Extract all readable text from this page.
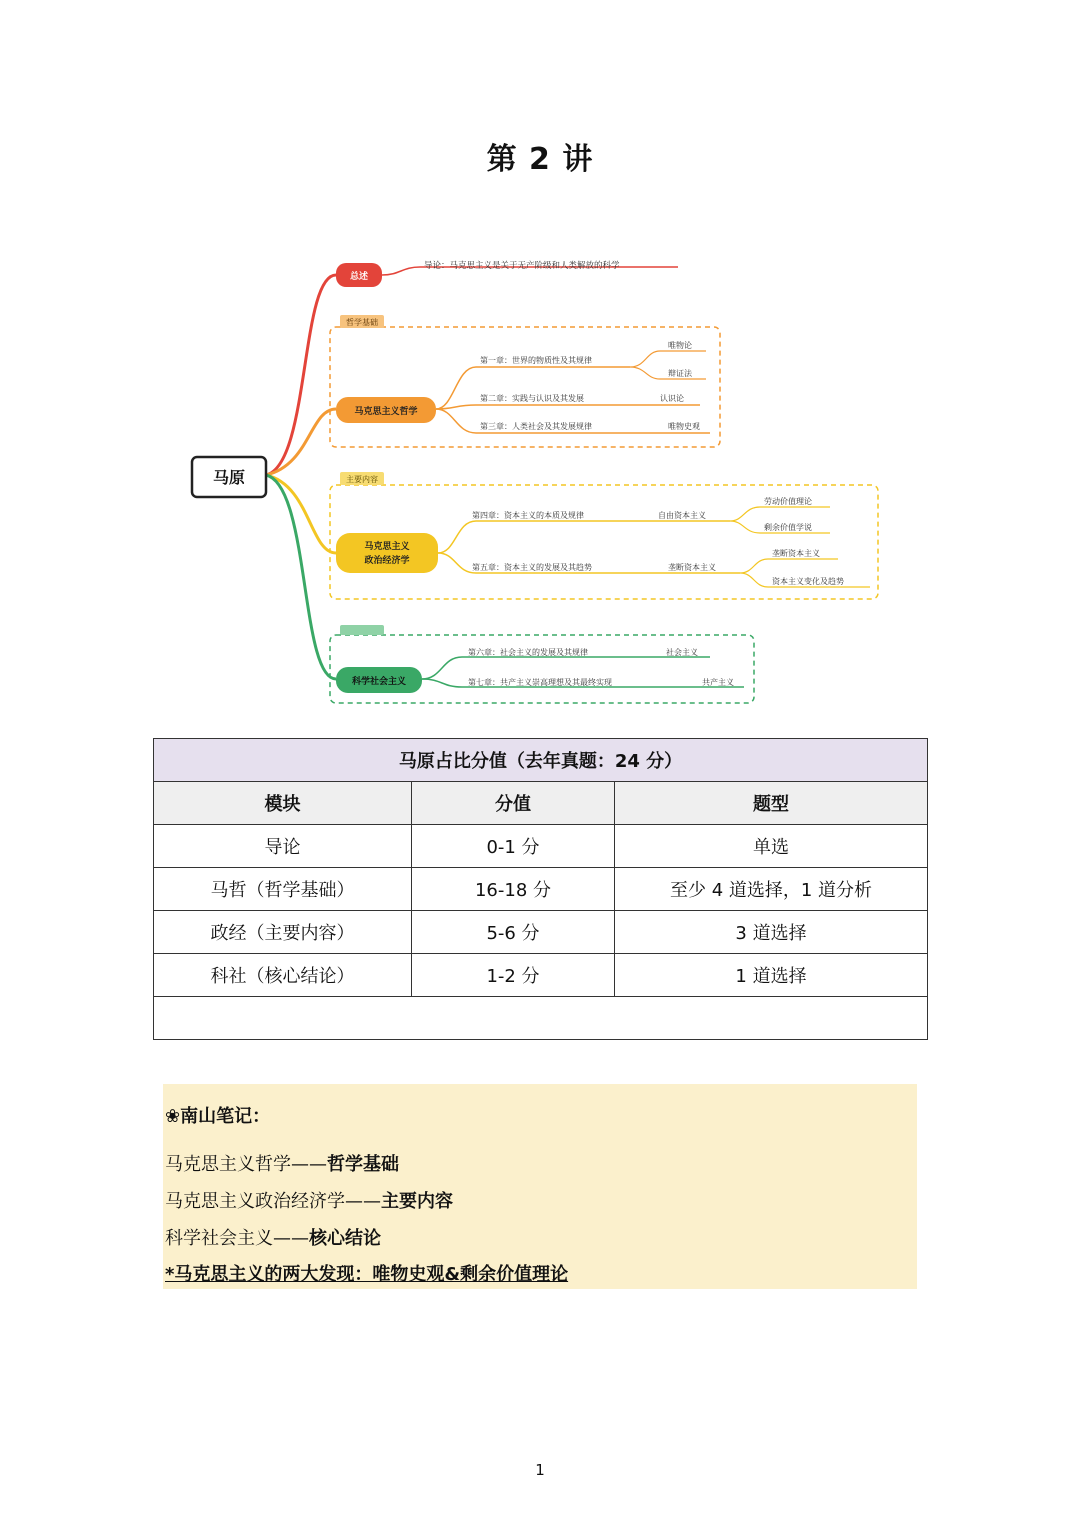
第 2 讲
哲学基础
主要内容
马原
总述
导论：马克思主义是关于无产阶级和人类解放的科学
马克思主义哲学
第一章：世界的物质性及其规律
第二章：实践与认识及其发展
第三章：人类社会及其发展规律
唯物论
辩证法
认识论
唯物史观
马克思主义
政治经济学
第四章：资本主义的本质及规律
第五章：资本主义的发展及其趋势
自由资本主义
垄断资本主义
劳动价值理论
剩余价值学说
垄断资本主义
资本主义变化及趋势
科学社会主义
第六章：社会主义的发展及其规律
第七章：共产主义崇高理想及其最终实现
社会主义
共产主义
马原占比分值（去年真题：24 分）		
模块	分值	题型
导论	0-1 分	单选
马哲（哲学基础）	16-18 分	至少 4 道选择，1 道分析
政经（主要内容）	5-6 分	3 道选择
科社（核心结论）	1-2 分	1 道选择

❀南山笔记：
马克思主义哲学——哲学基础
马克思主义政治经济学——主要内容
科学社会主义——核心结论
*马克思主义的两大发现：唯物史观&剩余价值理论
1
